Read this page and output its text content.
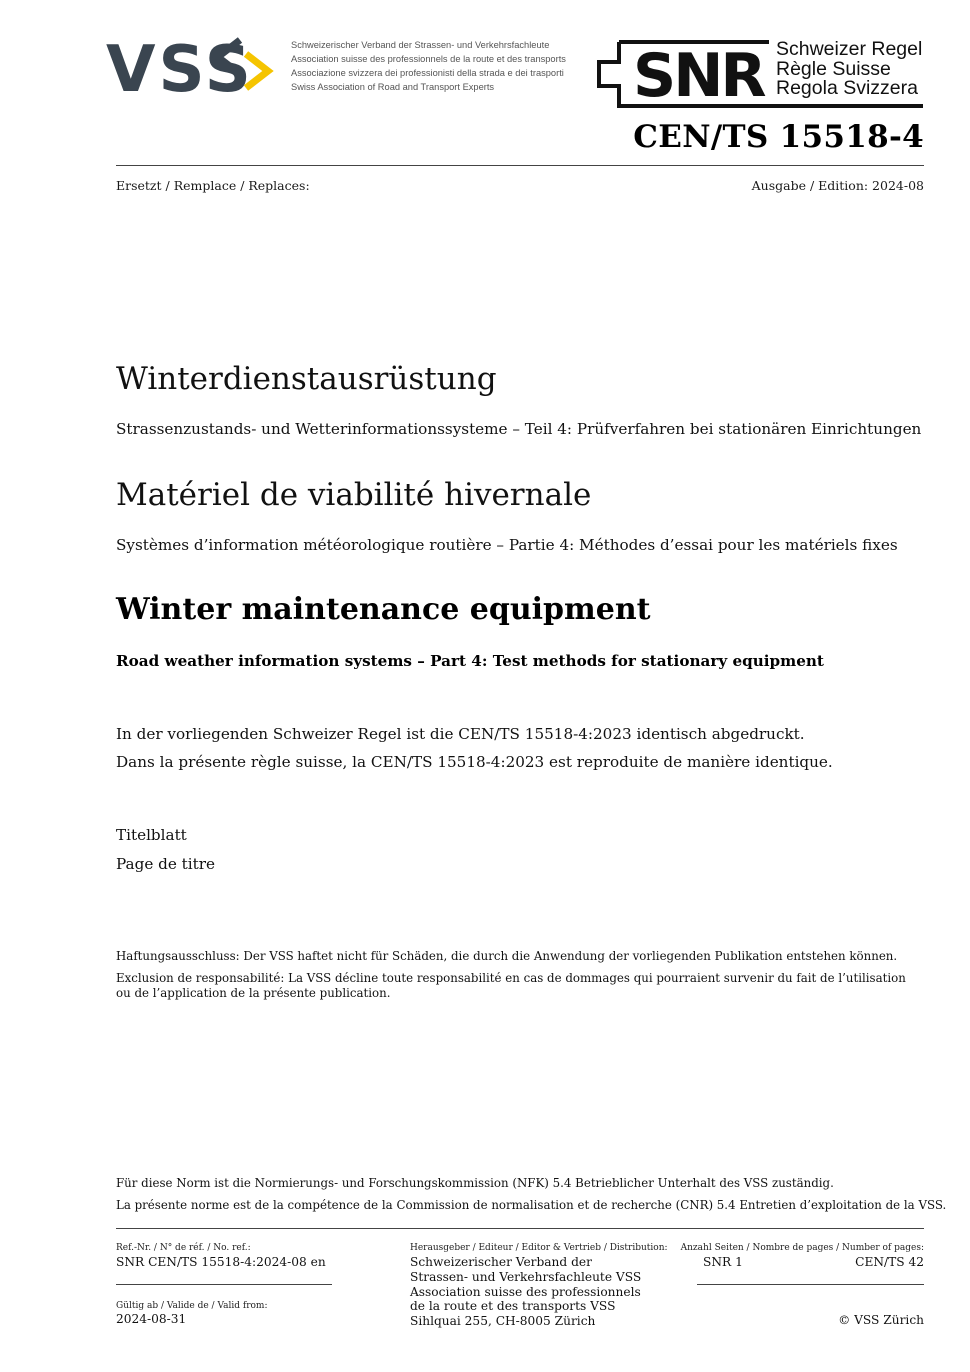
VSS	Schweizerischer Verband der Strassen- und Verkehrsfachleute
Association suisse des professionnels de la route et des transports
Associazione svizzera dei professionisti della strada e dei trasporti
Swiss Association of Road and Transport Experts	SNR Schweizer Regel
Règle Suisse
Regola Svizzera
CEN/TS 15518-4
Ersetzt / Remplace / Replaces:	Ausgabe / Edition: 2024-08
Winterdienstausrüstung
Strassenzustands- und Wetterinformationssysteme – Teil 4: Prüfverfahren bei stationären Einrichtungen
Matériel de viabilité hivernale
Systèmes d’information météorologique routière – Partie 4: Méthodes d’essai pour les matériels fixes
Winter maintenance equipment
Road weather information systems – Part 4: Test methods for stationary equipment
In der vorliegenden Schweizer Regel ist die CEN/TS 15518-4:2023 identisch abgedruckt.
Dans la présente règle suisse, la CEN/TS 15518-4:2023 est reproduite de manière identique.
Titelblatt
Page de titre
Haftungsausschluss: Der VSS haftet nicht für Schäden, die durch die Anwendung der vorliegenden Publikation entstehen können.
Exclusion de responsabilité: La VSS décline toute responsabilité en cas de dommages qui pourraient survenir du fait de l’utilisation
ou de l’application de la présente publication.
Für diese Norm ist die Normierungs- und Forschungskommission (NFK) 5.4 Betrieblicher Unterhalt des VSS zuständig.
La présente norme est de la compétence de la Commission de normalisation et de recherche (CNR) 5.4 Entretien d’exploitation de la VSS.
Ref.-Nr. / N° de réf. / No. ref.:
SNR CEN/TS 15518-4:2024-08 en
Gültig ab / Valide de / Valid from:
2024-08-31
Herausgeber / Editeur / Editor & Vertrieb / Distribution:
Schweizerischer Verband der
Strassen- und Verkehrsfachleute VSS
Association suisse des professionnels
de la route et des transports VSS
Sihlquai 255, CH-8005 Zürich
Anzahl Seiten / Nombre de pages / Number of pages:
SNR 1	CEN/TS 42
© VSS Zürich
